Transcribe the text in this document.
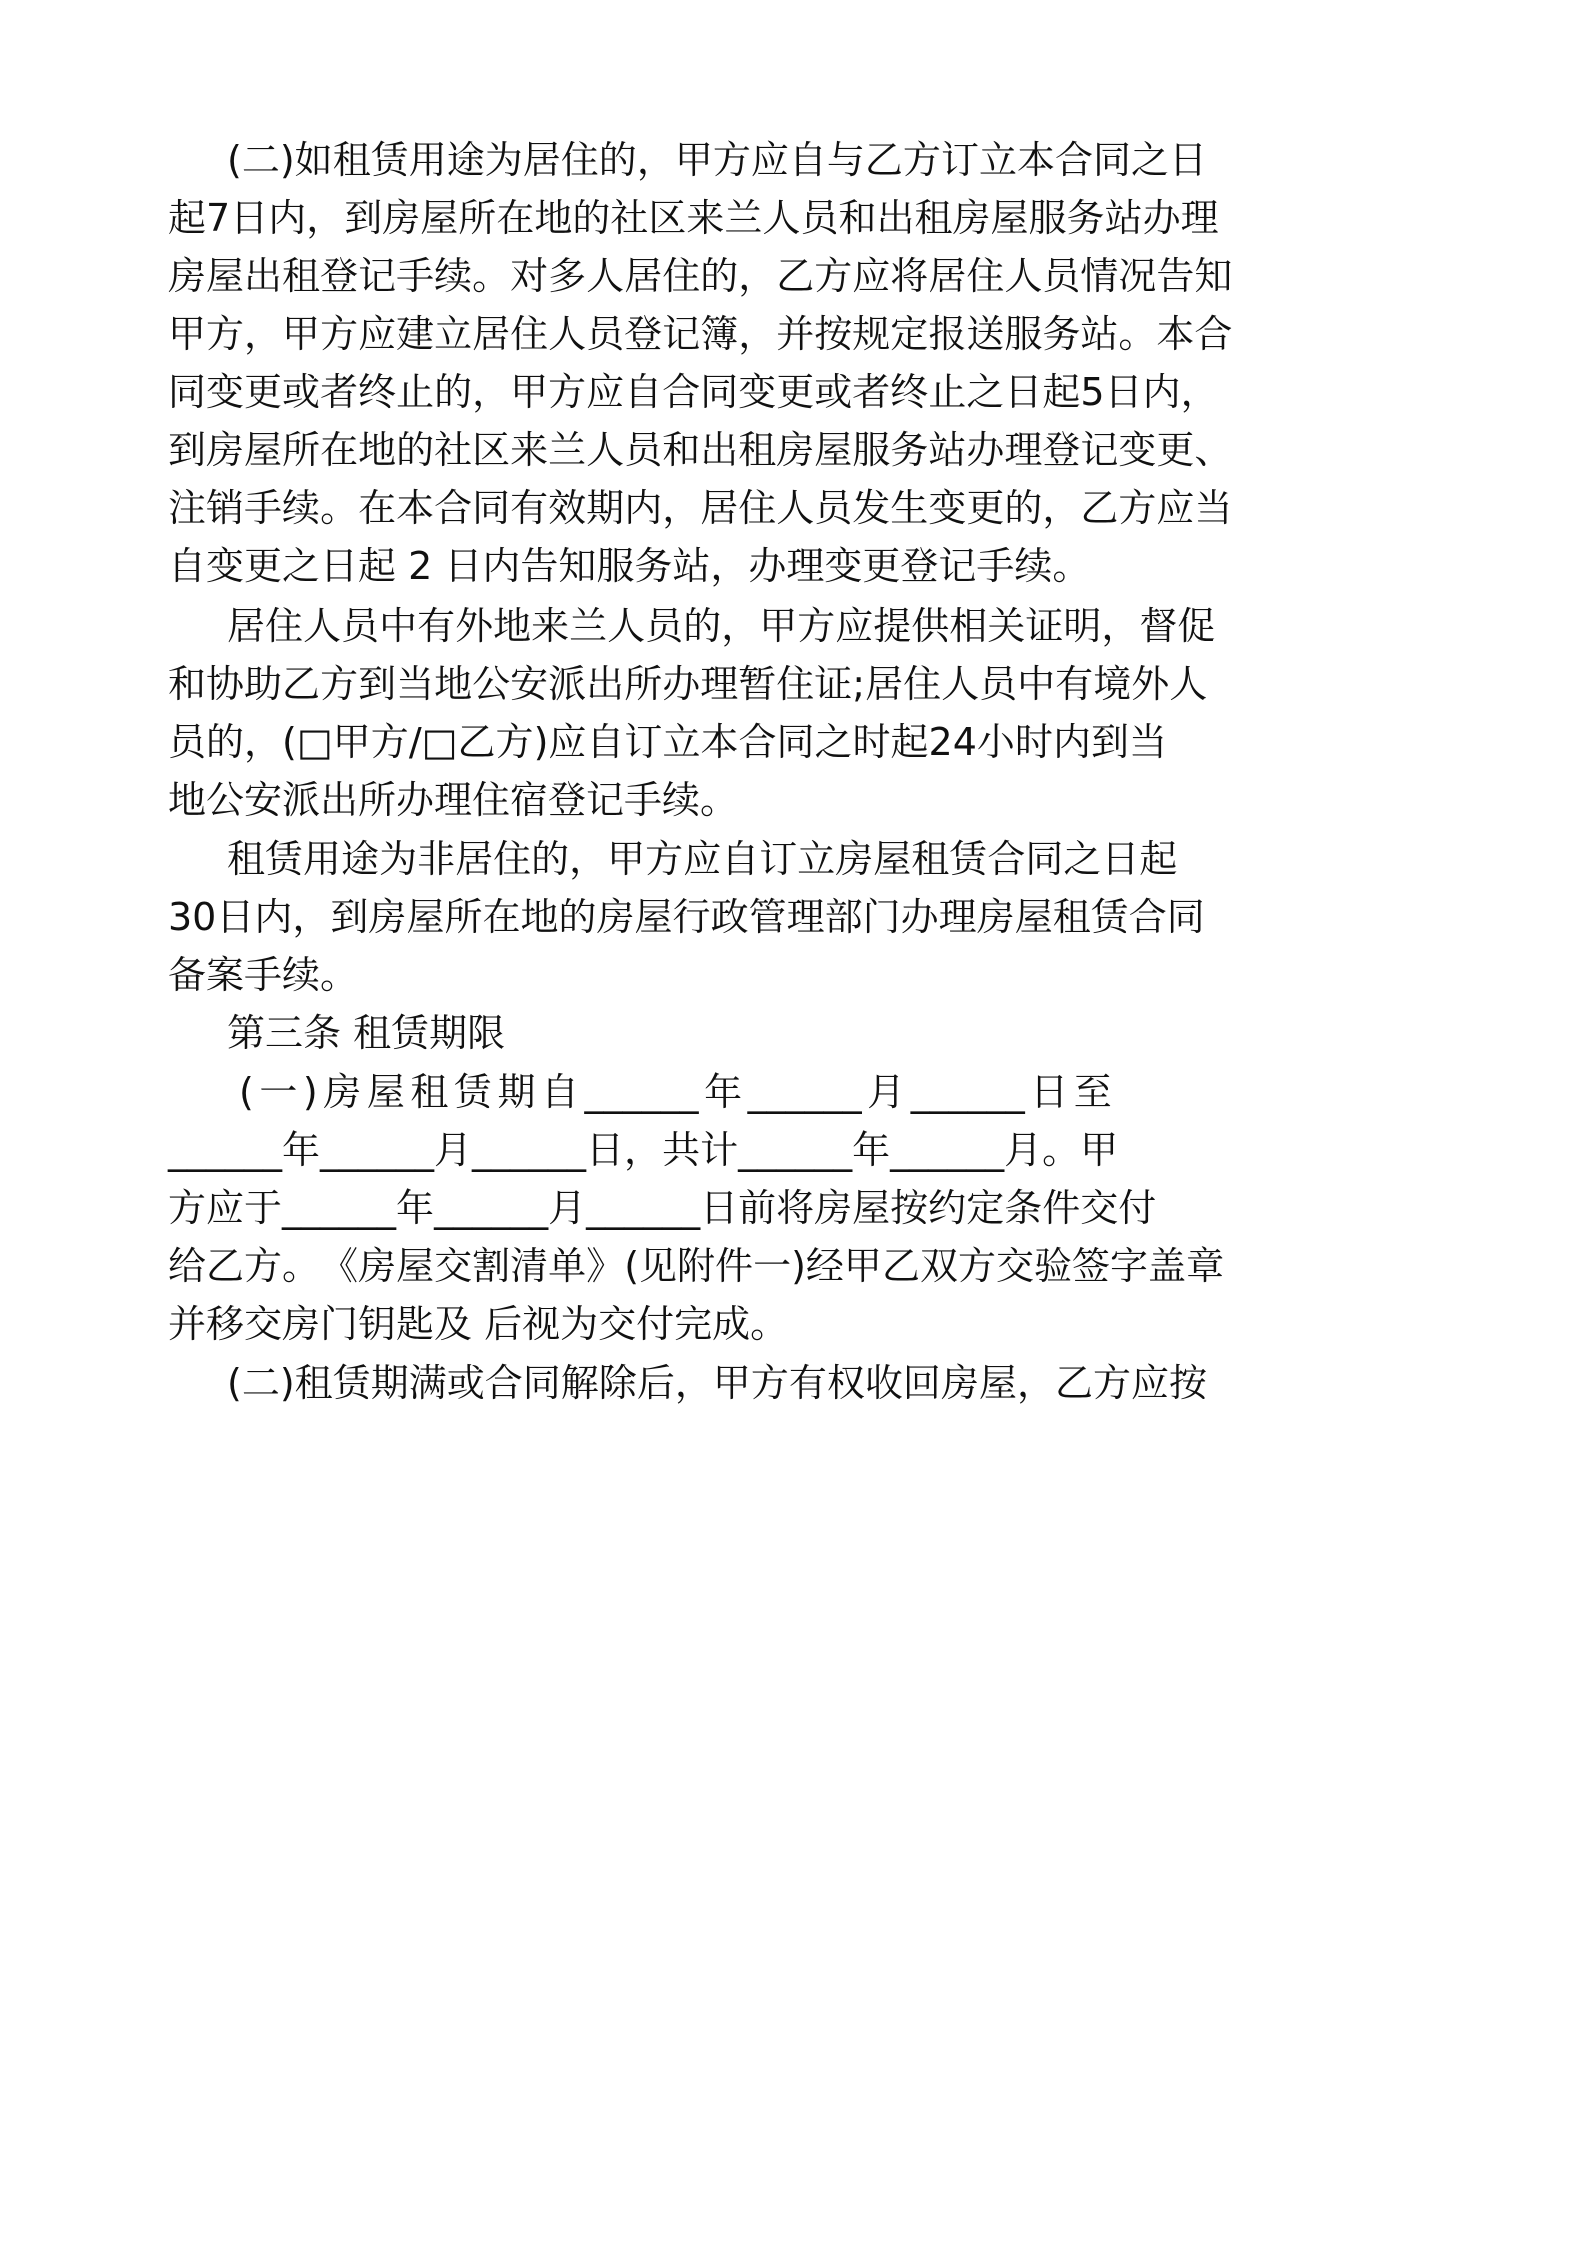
( 二 ) 如 租 赁 用 途 为 居 住 的 ， 甲 方 应 自 与 乙 方 订 立 本 合 同 之 日
起 7 日 内 ， 到 房 屋 所 在 地 的 社 区 来 兰 人 员 和 出 租 房 屋 服 务 站 办 理
房 屋 出 租 登 记 手 续 。 对 多 人 居 住 的 ， 乙 方 应 将 居 住 人 员 情 况 告 知
甲 方 ， 甲 方 应 建 立 居 住 人 员 登 记 簿 ， 并 按 规 定 报 送 服 务 站 。 本 合
同 变 更 或 者 终 止 的 ， 甲 方 应 自 合 同 变 更 或 者 终 止 之 日 起 5 日 内 ，
到 房 屋 所 在 地 的 社 区 来 兰 人 员 和 出 租 房 屋 服 务 站 办 理 登 记 变 更 、
注 销 手 续 。 在 本 合 同 有 效 期 内 ， 居 住 人 员 发 生 变 更 的 ， 乙 方 应 当
自变更之日起 2 日内告知服务站，办理变更登记手续。
居 住 人 员 中 有 外 地 来 兰 人 员 的 ， 甲 方 应 提 供 相 关 证 明 ， 督 促
和 协 助 乙 方 到 当 地 公 安 派 出 所 办 理 暂 住 证 ; 居 住 人 员 中 有 境 外 人
员 的 ， ( □ 甲 方 / □ 乙 方 ) 应 自 订 立 本 合 同 之 时 起 24 小 时 内 到 当
地公安派出所办理住宿登记手续。
租 赁 用 途 为 非 居 住 的 ， 甲 方 应 自 订 立 房 屋 租 赁 合 同 之 日 起
30 日 内 ， 到 房 屋 所 在 地 的 房 屋 行 政 管 理 部 门 办 理 房 屋 租 赁 合 同
备案手续。
第三条 租赁期限
( 一 ) 房 屋 租 赁 期 自 ______ 年 ______ 月 ______ 日 至
______ 年 ______ 月 ______ 日 ， 共 计 ______ 年 ______ 月 。 甲
方 应 于 ______ 年 ______ 月 ______ 日 前 将 房 屋 按 约 定 条 件 交 付
给 乙 方 。 《 房 屋 交 割 清 单 》 ( 见 附 件 一 ) 经 甲 乙 双 方 交 验 签 字 盖 章
并移交房门钥匙及 后视为交付完成。
( 二 ) 租 赁 期 满 或 合 同 解 除 后 ， 甲 方 有 权 收 回 房 屋 ， 乙 方 应 按
